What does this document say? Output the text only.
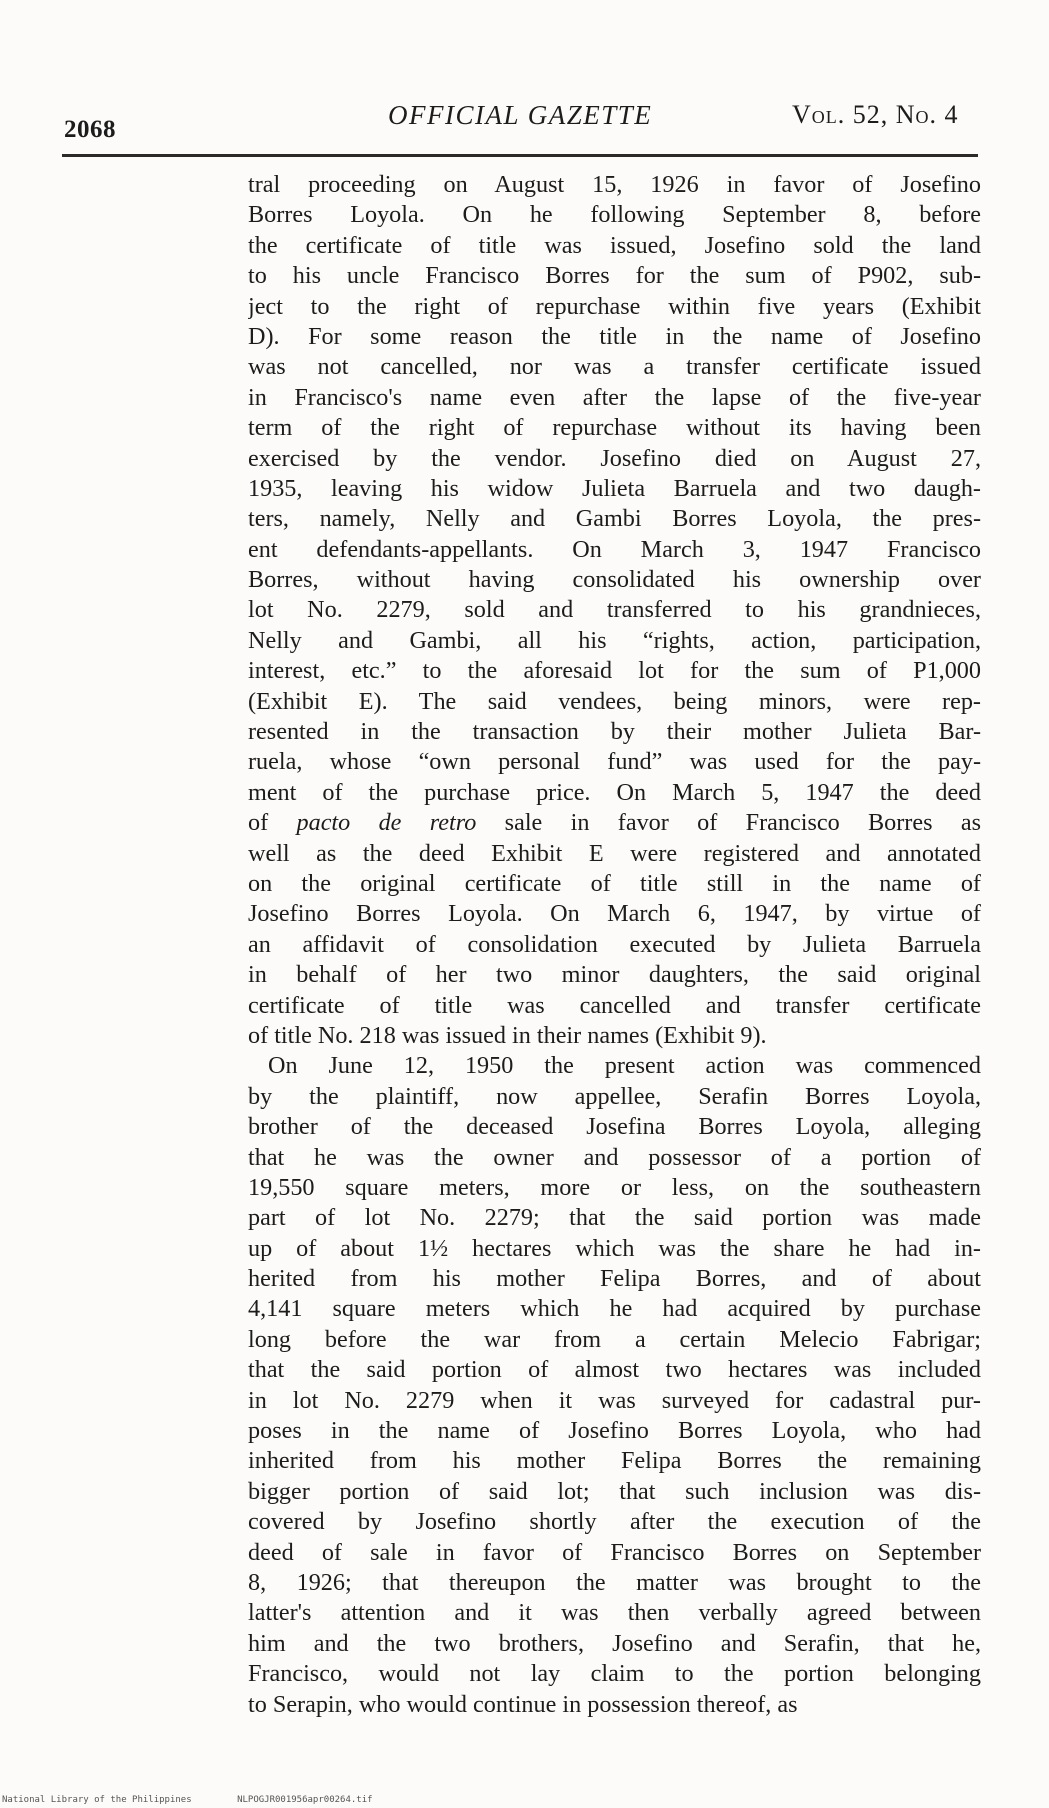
2068	OFFICIAL GAZETTE	Vol. 52, No. 4
tral proceeding on August 15, 1926 in favor of Josefino
Borres Loyola. On he following September 8, before
the certificate of title was issued, Josefino sold the land
to his uncle Francisco Borres for the sum of P902, sub-
ject to the right of repurchase within five years (Exhibit
D). For some reason the title in the name of Josefino
was not cancelled, nor was a transfer certificate issued
in Francisco's name even after the lapse of the five-year
term of the right of repurchase without its having been
exercised by the vendor. Josefino died on August 27,
1935, leaving his widow Julieta Barruela and two daugh-
ters, namely, Nelly and Gambi Borres Loyola, the pres-
ent defendants-appellants. On March 3, 1947 Francisco
Borres, without having consolidated his ownership over
lot No. 2279, sold and transferred to his grandnieces,
Nelly and Gambi, all his “rights, action, participation,
interest, etc.” to the aforesaid lot for the sum of P1,000
(Exhibit E). The said vendees, being minors, were rep-
resented in the transaction by their mother Julieta Bar-
ruela, whose “own personal fund” was used for the pay-
ment of the purchase price. On March 5, 1947 the deed
of pacto de retro sale in favor of Francisco Borres as
well as the deed Exhibit E were registered and annotated
on the original certificate of title still in the name of
Josefino Borres Loyola. On March 6, 1947, by virtue of
an affidavit of consolidation executed by Julieta Barruela
in behalf of her two minor daughters, the said original
certificate of title was cancelled and transfer certificate
of title No. 218 was issued in their names (Exhibit 9).
On June 12, 1950 the present action was commenced
by the plaintiff, now appellee, Serafin Borres Loyola,
brother of the deceased Josefina Borres Loyola, alleging
that he was the owner and possessor of a portion of
19,550 square meters, more or less, on the southeastern
part of lot No. 2279; that the said portion was made
up of about 1½ hectares which was the share he had in-
herited from his mother Felipa Borres, and of about
4,141 square meters which he had acquired by purchase
long before the war from a certain Melecio Fabrigar;
that the said portion of almost two hectares was included
in lot No. 2279 when it was surveyed for cadastral pur-
poses in the name of Josefino Borres Loyola, who had
inherited from his mother Felipa Borres the remaining
bigger portion of said lot; that such inclusion was dis-
covered by Josefino shortly after the execution of the
deed of sale in favor of Francisco Borres on September
8, 1926; that thereupon the matter was brought to the
latter's attention and it was then verbally agreed between
him and the two brothers, Josefino and Serafin, that he,
Francisco, would not lay claim to the portion belonging
to Serapin, who would continue in possession thereof, as
National Library of the Philippines	NLPOGJR001956apr00264.tif
